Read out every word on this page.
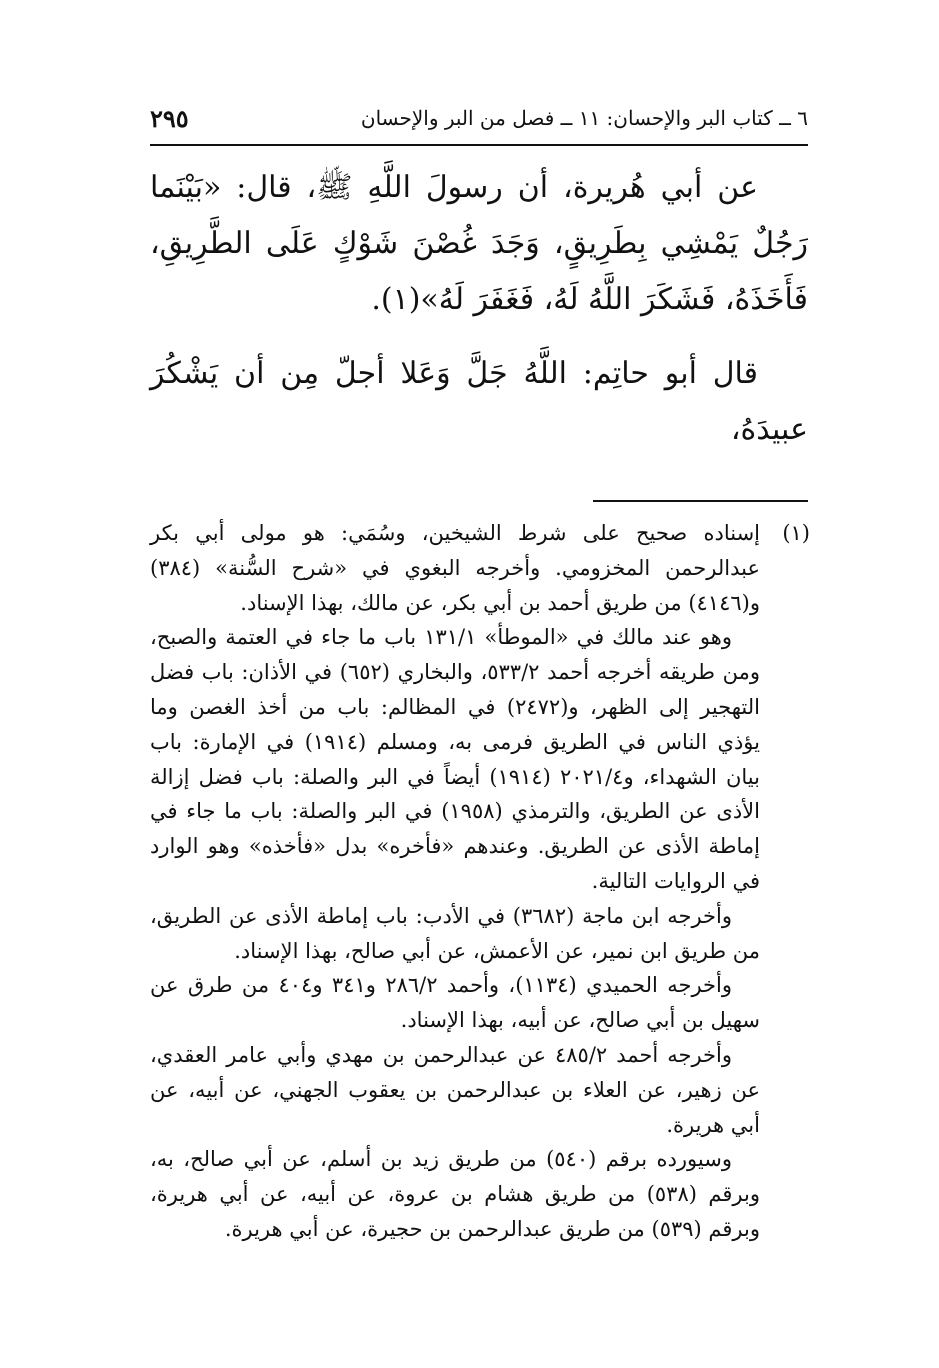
٦ ــ كتاب البر والإحسان: ١١ ــ فصل من البر والإحسان
٢٩٥

عن أبي هُريرة، أن رسولَ اللَّهِ ﷺ، قال: «بَيْنَما رَجُلٌ يَمْشِي بِطَرِيقٍ، وَجَدَ غُصْنَ شَوْكٍ عَلَى الطَّرِيقِ، فَأَخَذَهُ، فَشَكَرَ اللَّهُ لَهُ، فَغَفَرَ لَهُ»(١).

قال أبو حاتِم: اللَّهُ جَلَّ وَعَلا أجلّ مِن أن يَشْكُرَ عبيدَهُ،

(١)
إسناده صحيح على شرط الشيخين، وسُمَي: هو مولى أبي بكر عبدالرحمن المخزومي. وأخرجه البغوي في «شرح السُّنة» (٣٨٤) و(٤١٤٦) من طريق أحمد بن أبي بكر، عن مالك، بهذا الإسناد.

وهو عند مالك في «الموطأ» ١٣١/١ باب ما جاء في العتمة والصبح، ومن طريقه أخرجه أحمد ٥٣٣/٢، والبخاري (٦٥٢) في الأذان: باب فضل التهجير إلى الظهر، و(٢٤٧٢) في المظالم: باب من أخذ الغصن وما يؤذي الناس في الطريق فرمى به، ومسلم (١٩١٤) في الإمارة: باب بيان الشهداء، و٢٠٢١/٤ (١٩١٤) أيضاً في البر والصلة: باب فضل إزالة الأذى عن الطريق، والترمذي (١٩٥٨) في البر والصلة: باب ما جاء في إماطة الأذى عن الطريق. وعندهم «فأخره» بدل «فأخذه» وهو الوارد في الروايات التالية.

وأخرجه ابن ماجة (٣٦٨٢) في الأدب: باب إماطة الأذى عن الطريق، من طريق ابن نمير، عن الأعمش، عن أبي صالح، بهذا الإسناد.

وأخرجه الحميدي (١١٣٤)، وأحمد ٢٨٦/٢ و٣٤١ و٤٠٤ من طرق عن سهيل بن أبي صالح، عن أبيه، بهذا الإسناد.

وأخرجه أحمد ٤٨٥/٢ عن عبدالرحمن بن مهدي وأبي عامر العقدي، عن زهير، عن العلاء بن عبدالرحمن بن يعقوب الجهني، عن أبيه، عن أبي هريرة.

وسيورده برقم (٥٤٠) من طريق زيد بن أسلم، عن أبي صالح، به، وبرقم (٥٣٨) من طريق هشام بن عروة، عن أبيه، عن أبي هريرة، وبرقم (٥٣٩) من طريق عبدالرحمن بن حجيرة، عن أبي هريرة.
